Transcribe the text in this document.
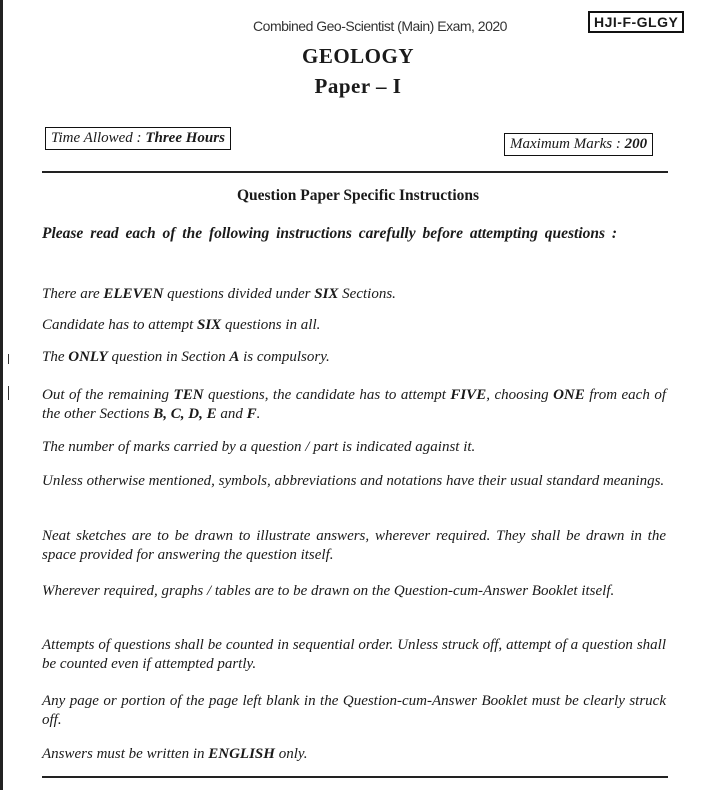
Combined Geo-Scientist (Main) Exam, 2020	HJI-F-GLGY
GEOLOGY
Paper – I
Time Allowed : Three Hours	Maximum Marks : 200
Question Paper Specific Instructions
Please read each of the following instructions carefully before attempting questions :
There are ELEVEN questions divided under SIX Sections.
Candidate has to attempt SIX questions in all.
The ONLY question in Section A is compulsory.
Out of the remaining TEN questions, the candidate has to attempt FIVE, choosing ONE from each of the other Sections B, C, D, E and F.
The number of marks carried by a question / part is indicated against it.
Unless otherwise mentioned, symbols, abbreviations and notations have their usual standard meanings.
Neat sketches are to be drawn to illustrate answers, wherever required. They shall be drawn in the space provided for answering the question itself.
Wherever required, graphs / tables are to be drawn on the Question-cum-Answer Booklet itself.
Attempts of questions shall be counted in sequential order. Unless struck off, attempt of a question shall be counted even if attempted partly.
Any page or portion of the page left blank in the Question-cum-Answer Booklet must be clearly struck off.
Answers must be written in ENGLISH only.
